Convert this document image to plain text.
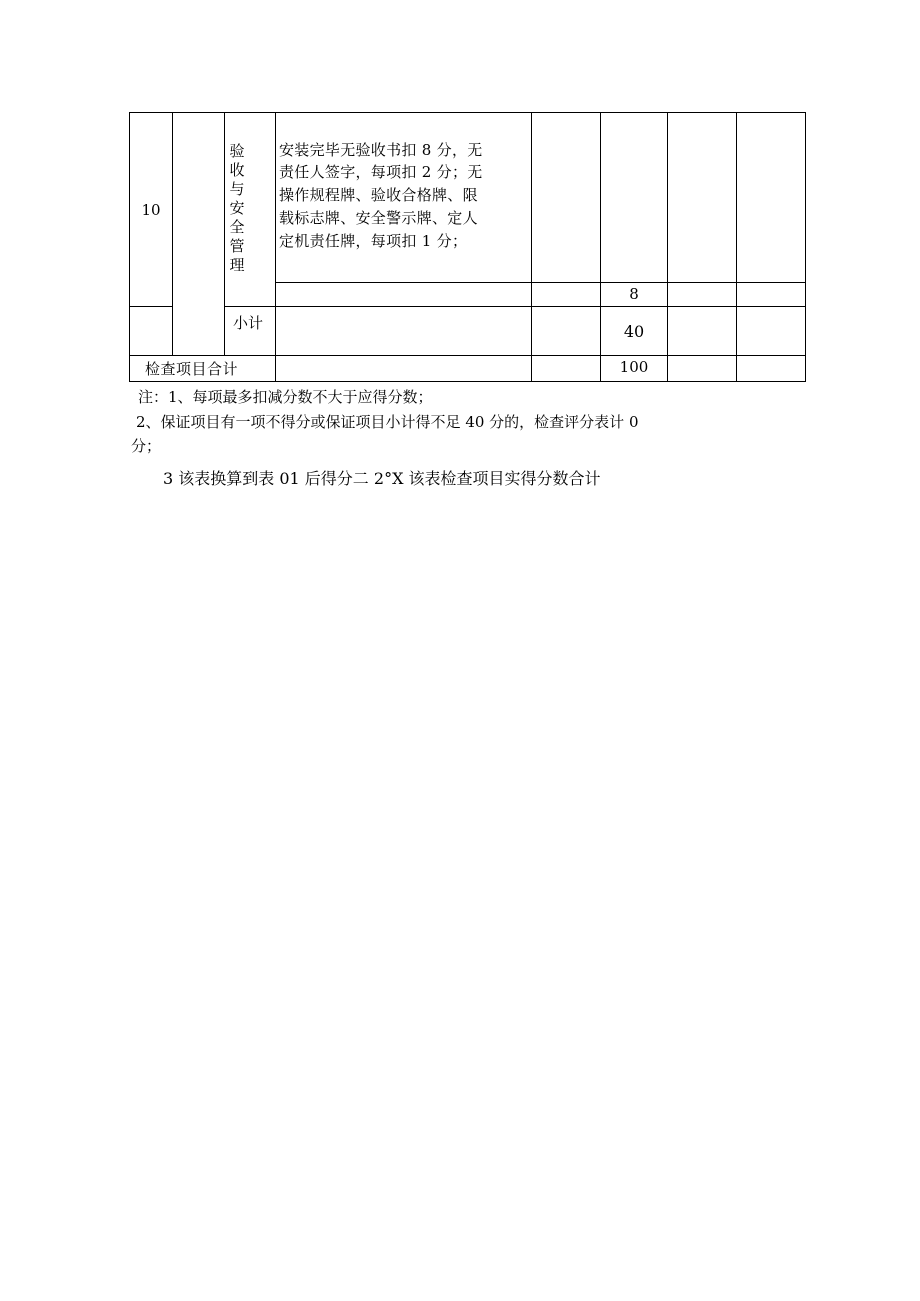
10
验
收
与
安
全
管
理
安装完毕无验收书扣 8 分，无
责任人签字，每项扣 2 分；无
操作规程牌、验收合格牌、限
载标志牌、安全警示牌、定人
定机责任牌，每项扣 1 分；
8
小计	40
检查项目合计	100
注：1、每项最多扣减分数不大于应得分数；
2、保证项目有一项不得分或保证项目小计得不足 40 分的，检查评分表计 0
分；
3 该表换算到表 01 后得分二 2°X 该表检查项目实得分数合计
